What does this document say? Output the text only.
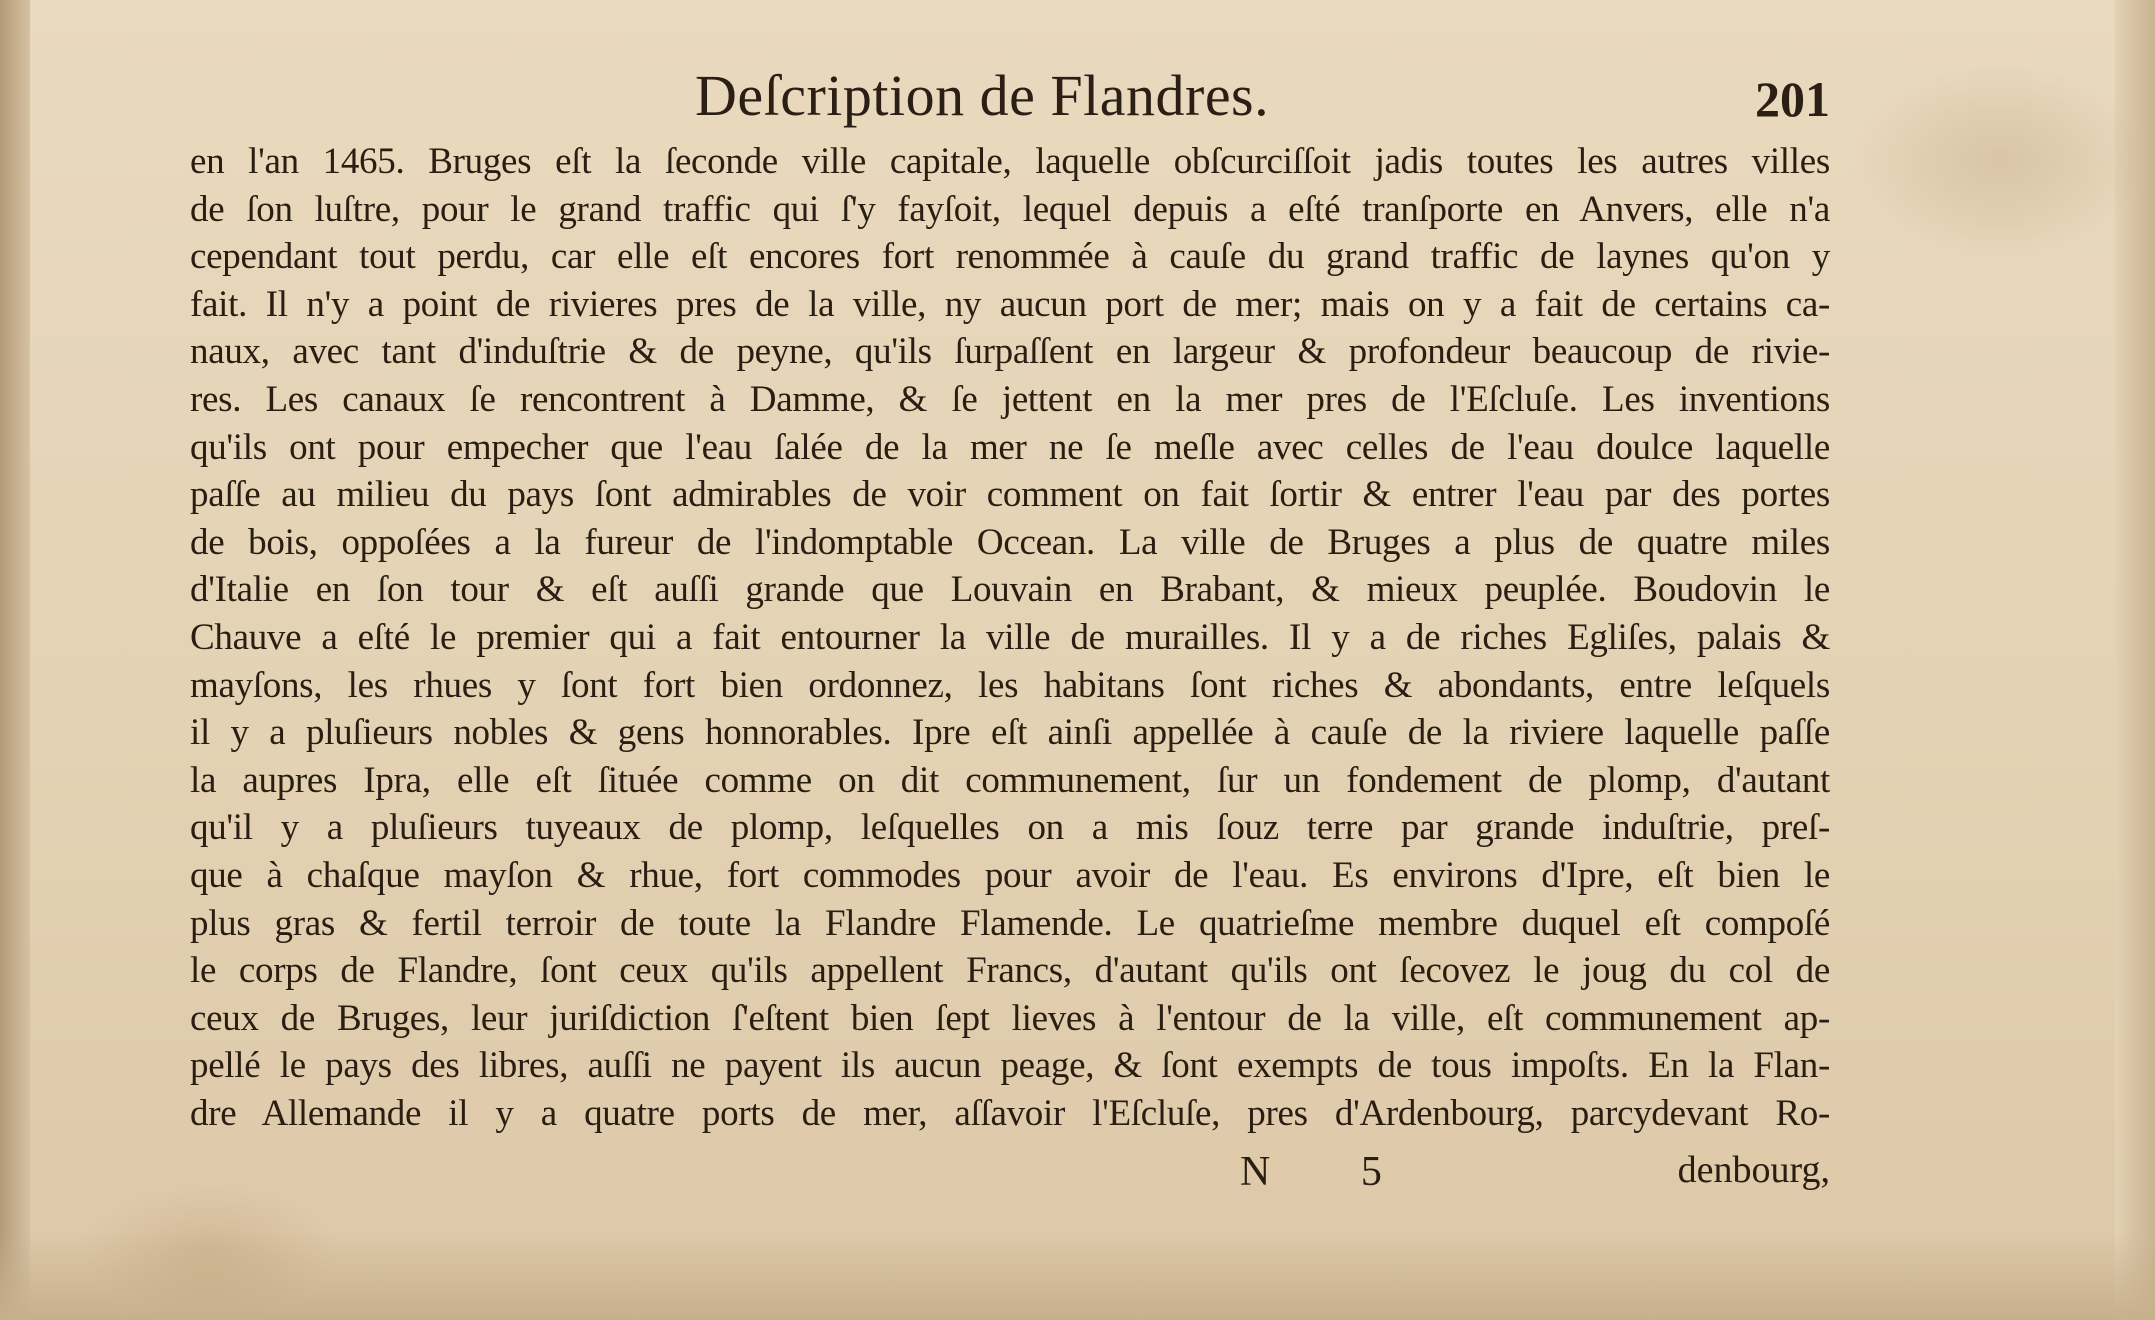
Deſcription de Flandres.	201
en l'an 1465. Bruges eſt la ſeconde ville capitale, laquelle obſcurciſſoit jadis toutes les autres villes
de ſon luſtre, pour le grand traffic qui ſ'y fayſoit, lequel depuis a eſté tranſporte en Anvers, elle n'a
cependant tout perdu, car elle eſt encores fort renommée à cauſe du grand traffic de laynes qu'on y
fait. Il n'y a point de rivieres pres de la ville, ny aucun port de mer; mais on y a fait de certains ca-
naux, avec tant d'induſtrie & de peyne, qu'ils ſurpaſſent en largeur & profondeur beaucoup de rivie-
res. Les canaux ſe rencontrent à Damme, & ſe jettent en la mer pres de l'Eſcluſe. Les inventions
qu'ils ont pour empecher que l'eau ſalée de la mer ne ſe meſle avec celles de l'eau doulce laquelle
paſſe au milieu du pays ſont admirables de voir comment on fait ſortir & entrer l'eau par des portes
de bois, oppoſées a la fureur de l'indomptable Occean. La ville de Bruges a plus de quatre miles
d'Italie en ſon tour & eſt auſſi grande que Louvain en Brabant, & mieux peuplée. Boudovin le
Chauve a eſté le premier qui a fait entourner la ville de murailles. Il y a de riches Egliſes, palais &
mayſons, les rhues y ſont fort bien ordonnez, les habitans ſont riches & abondants, entre leſquels
il y a pluſieurs nobles & gens honnorables. Ipre eſt ainſi appellée à cauſe de la riviere laquelle paſſe
la aupres Ipra, elle eſt ſituée comme on dit communement, ſur un fondement de plomp, d'autant
qu'il y a pluſieurs tuyeaux de plomp, leſquelles on a mis ſouz terre par grande induſtrie, preſ-
que à chaſque mayſon & rhue, fort commodes pour avoir de l'eau. Es environs d'Ipre, eſt bien le
plus gras & fertil terroir de toute la Flandre Flamende. Le quatrieſme membre duquel eſt compoſé
le corps de Flandre, ſont ceux qu'ils appellent Francs, d'autant qu'ils ont ſecovez le joug du col de
ceux de Bruges, leur juriſdiction ſ'eſtent bien ſept lieves à l'entour de la ville, eſt communement ap-
pellé le pays des libres, auſſi ne payent ils aucun peage, & ſont exempts de tous impoſts. En la Flan-
dre Allemande il y a quatre ports de mer, aſſavoir l'Eſcluſe, pres d'Ardenbourg, parcydevant Ro-
N 5	denbourg,
